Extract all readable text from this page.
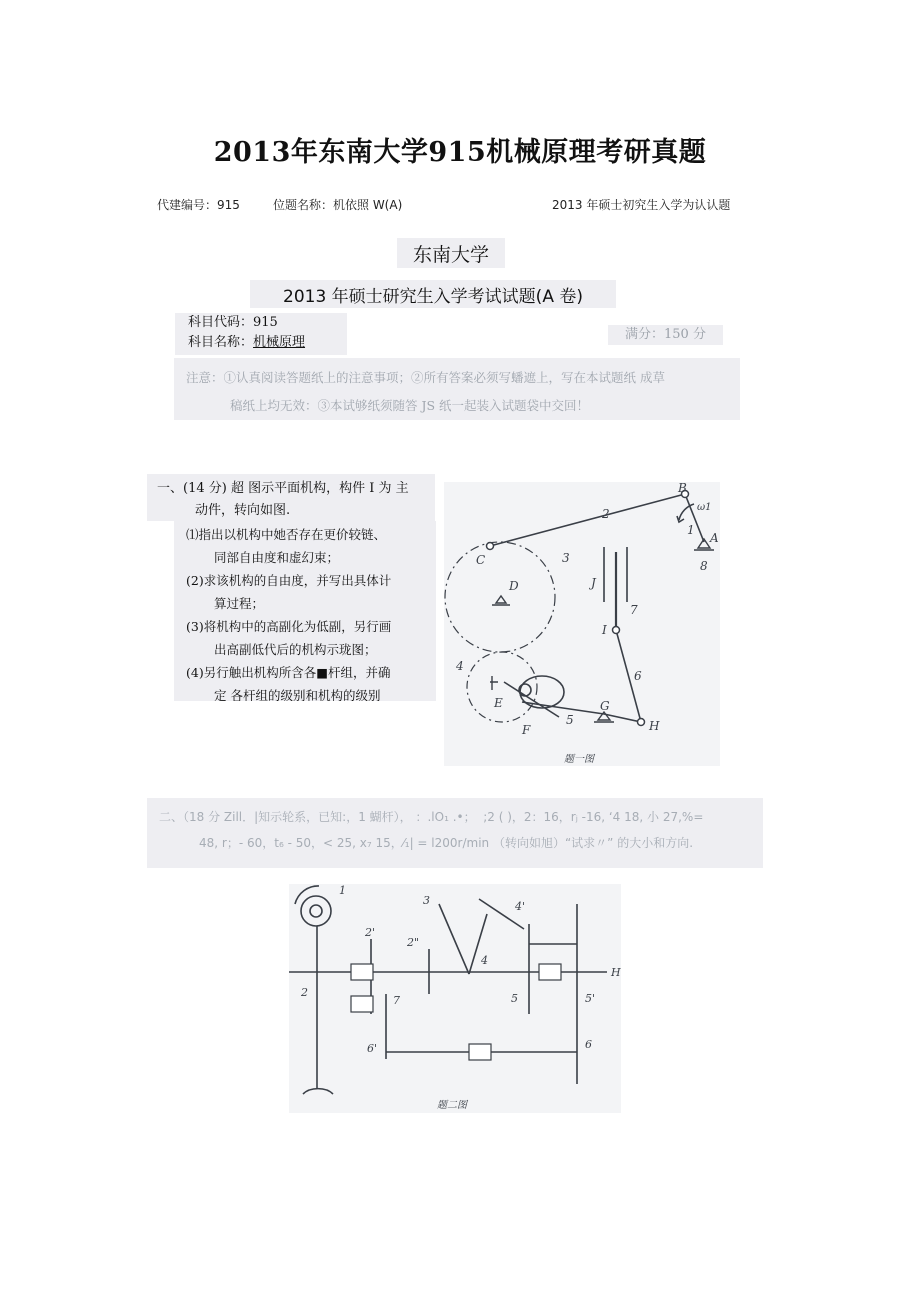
2013年东南大学915机械原理考研真题
代建编号：915	位题名称：机依照 W(A)	2013 年硕士初究生入学为认认题
东南大学
2013 年硕士研究生入学考试试题(A 卷)
科目代码：915
科目名称：机械原理
满分：150 分
注意：①认真阅读答题纸上的注意事项；②所有答案必须写蟠遮上，写在本试题纸 成草
稿纸上均无效：③本试够纸须随答 JS 纸一起装入试题袋中交回！
一、(14 分) 超 图示平面机构，构件 I 为 主
动件，转向如图.
⑴指出以机构中她否存在更价较链、
同部自由度和虚幻束；
(2)求该机构的自由度，并写出具体计
算过程；
(3)将机构中的高副化为低副，另行画
出高副低代后的机构示珑图；
(4)另行触出机构所含各■杆组，并确
定 各杆组的级别和机构的级别
B
A
2
1
ω1
8
C
D
3
J
7
I
6
4
E
F
5
G
H
题一图
二、（18 分 Zill．|知示轮系，已知:，1 蝴杆）， ：.lO₁ .•；  ;2 ( )，2：16，rⱼ -16, ‘4 18, 小 27,%=
48, r；- 60，t₆ - 50，< 25, x₇ 15，⁄₁| = l200r/min （转向如旭）“试求〃” 的大小和方向.
1
2
2'
2"
3
4
4'
5	5'
6
6'
7
H
题二图
